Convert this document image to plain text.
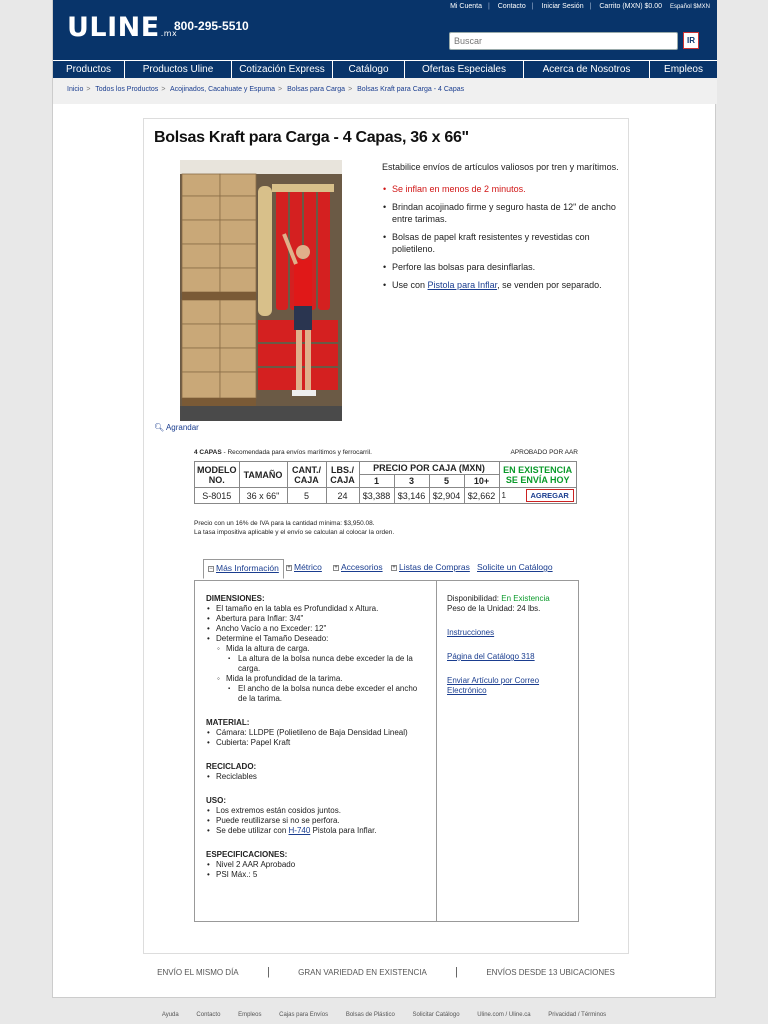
ULINE.mx
800-295-5510
Mi Cuenta | Contacto | Iniciar Sesión | Carrito (MXN) $0.00 Español $MXN
Buscar
IR
Productos	Productos Uline	Cotización Express	Catálogo	Ofertas Especiales	Acerca de Nosotros	Empleos
Inicio > Todos los Productos > Acojinados, Cacahuate y Espuma > Bolsas para Carga > Bolsas Kraft para Carga - 4 Capas
Bolsas Kraft para Carga - 4 Capas, 36 x 66"
🔍︎ Agrandar
Estabilice envíos de artículos valiosos por tren y marítimos.
• Se inflan en menos de 2 minutos.
• Brindan acojinado firme y seguro hasta de 12" de ancho entre tarimas.
• Bolsas de papel kraft resistentes y revestidas con polietileno.
• Perfore las bolsas para desinflarlas.
• Use con Pistola para Inflar, se venden por separado.
4 CAPAS - Recomendada para envíos marítimos y ferrocarril.	APROBADO POR AAR
MODELO NO.	TAMAÑO	CANT./ CAJA	LBS./ CAJA	PRECIO POR CAJA (MXN)				EN EXISTENCIA SE ENVÍA HOY
				1	3	5	10+	
S-8015	36 x 66"	5	24	$3,388	$3,146	$2,904	$2,662	1 AGREGAR
Precio con un 16% de IVA para la cantidad mínima: $3,950.08.
La tasa impositiva aplicable y el envío se calculan al colocar la orden.
− Más Información	+ Métrico + Accesorios + Listas de Compras Solicite un Catálogo
DIMENSIONES:
• El tamaño en la tabla es Profundidad x Altura.
• Abertura para Inflar: 3/4"
• Ancho Vacío a no Exceder: 12"
• Determine el Tamaño Deseado:
◦ Mida la altura de carga.
▪ La altura de la bolsa nunca debe exceder la de la carga.
◦ Mida la profundidad de la tarima.
▪ El ancho de la bolsa nunca debe exceder el ancho de la tarima.
MATERIAL:
• Cámara: LLDPE (Polietileno de Baja Densidad Lineal)
• Cubierta: Papel Kraft
RECICLADO:
• Reciclables
USO:
• Los extremos están cosidos juntos.
• Puede reutilizarse si no se perfora.
• Se debe utilizar con H-740 Pistola para Inflar.
ESPECIFICACIONES:
• Nivel 2 AAR Aprobado
• PSI Máx.: 5
Disponibilidad: En Existencia
Peso de la Unidad: 24 lbs.
Instrucciones
Página del Catálogo 318
Enviar Artículo por Correo Electrónico
ENVÍO EL MISMO DÍA	|	GRAN VARIEDAD EN EXISTENCIA	|	ENVÍOS DESDE 13 UBICACIONES
Ayuda	Contacto	Empleos	Cajas para Envíos	Bolsas de Plástico	Solicitar Catálogo	Uline.com / Uline.ca	Privacidad / Términos
